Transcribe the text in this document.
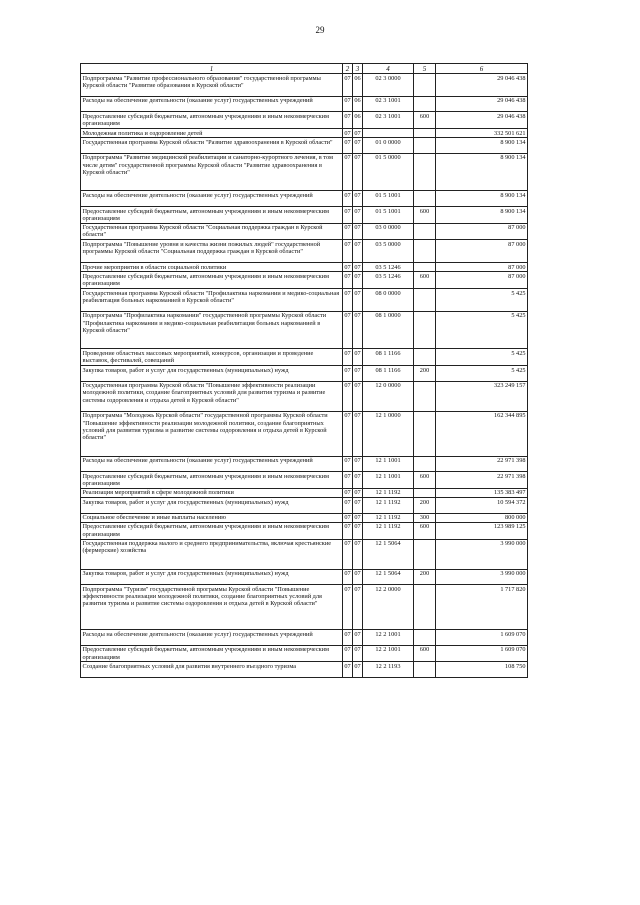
29
1	2	3	4	5	6
Подпрограмма "Развитие профессионального образования" государственной программы Курской области "Развитие образования в Курской области"	07	06	02 3 0000		29 046 438
Расходы на обеспечение деятельности (оказание услуг) государственных учреждений	07	06	02 3 1001		29 046 438
Предоставление субсидий бюджетным, автономным учреждениям и иным некоммерческим организациям	07	06	02 3 1001	600	29 046 438
Молодежная политика и оздоровление детей	07	07			332 501 621
Государственная программа Курской области "Развитие здравоохранения в Курской области"	07	07	01 0 0000		8 900 134
Подпрограмма "Развитие медицинской реабилитации и санаторно-курортного лечения, в том числе детям" государственной программы Курской области "Развитие здравоохранения в Курской области"	07	07	01 5 0000		8 900 134
Расходы на обеспечение деятельности (оказание услуг) государственных учреждений	07	07	01 5 1001		8 900 134
Предоставление субсидий бюджетным, автономным учреждениям и иным некоммерческим организациям	07	07	01 5 1001	600	8 900 134
Государственная программа Курской области "Социальная поддержка граждан в Курской области"	07	07	03 0 0000		87 000
Подпрограмма "Повышение уровня и качества жизни пожилых людей" государственной программы Курской области "Социальная поддержка граждан в Курской области"	07	07	03 5 0000		87 000
Прочие мероприятия в области социальной политики	07	07	03 5 1246		87 000
Предоставление субсидий бюджетным, автономным учреждениям и иным некоммерческим организациям	07	07	03 5 1246	600	87 000
Государственная программа Курской области "Профилактика наркомании и медико-социальная реабилитация больных наркоманией в Курской области"	07	07	08 0 0000		5 425
Подпрограмма "Профилактика наркомании" государственной программы Курской области "Профилактика наркомании и медико-социальная реабилитация больных наркоманией в Курской области"	07	07	08 1 0000		5 425
Проведение областных массовых мероприятий, конкурсов, организация и проведение выставок, фестивалей, совещаний	07	07	08 1 1166		5 425
Закупка товаров, работ и услуг для государственных (муниципальных) нужд	07	07	08 1 1166	200	5 425
Государственная программа Курской области "Повышение эффективности реализации молодежной политики, создание благоприятных условий для развития туризма и развитие системы оздоровления и отдыха детей в Курской области"	07	07	12 0 0000		323 249 157
Подпрограмма "Молодежь Курской области" государственной программы Курской области "Повышение эффективности реализации молодежной политики, создание благоприятных условий для развития туризма и развитие системы оздоровления и отдыха детей в Курской области"	07	07	12 1 0000		162 344 895
Расходы на обеспечение деятельности (оказание услуг) государственных учреждений	07	07	12 1 1001		22 971 398
Предоставление субсидий бюджетным, автономным учреждениям и иным некоммерческим организациям	07	07	12 1 1001	600	22 971 398
Реализация мероприятий в сфере молодежной политики	07	07	12 1 1192		135 383 497
Закупка товаров, работ и услуг для государственных (муниципальных) нужд	07	07	12 1 1192	200	10 594 372
Социальное обеспечение и иные выплаты населению	07	07	12 1 1192	300	800 000
Предоставление субсидий бюджетным, автономным учреждениям и иным некоммерческим организациям	07	07	12 1 1192	600	123 989 125
Государственная поддержка малого и среднего предпринимательства, включая крестьянские (фермерские) хозяйства	07	07	12 1 5064		3 990 000
Закупка товаров, работ и услуг для государственных (муниципальных) нужд	07	07	12 1 5064	200	3 990 000
Подпрограмма "Туризм" государственной программы Курской области "Повышение эффективности реализации молодежной политики, создание благоприятных условий для развития туризма и развитие системы оздоровления и отдыха детей в Курской области"	07	07	12 2 0000		1 717 820
Расходы на обеспечение деятельности (оказание услуг) государственных учреждений	07	07	12 2 1001		1 609 070
Предоставление субсидий бюджетным, автономным учреждениям и иным некоммерческим организациям	07	07	12 2 1001	600	1 609 070
Создание благоприятных условий для развития внутреннего въездного туризма	07	07	12 2 1193		108 750
